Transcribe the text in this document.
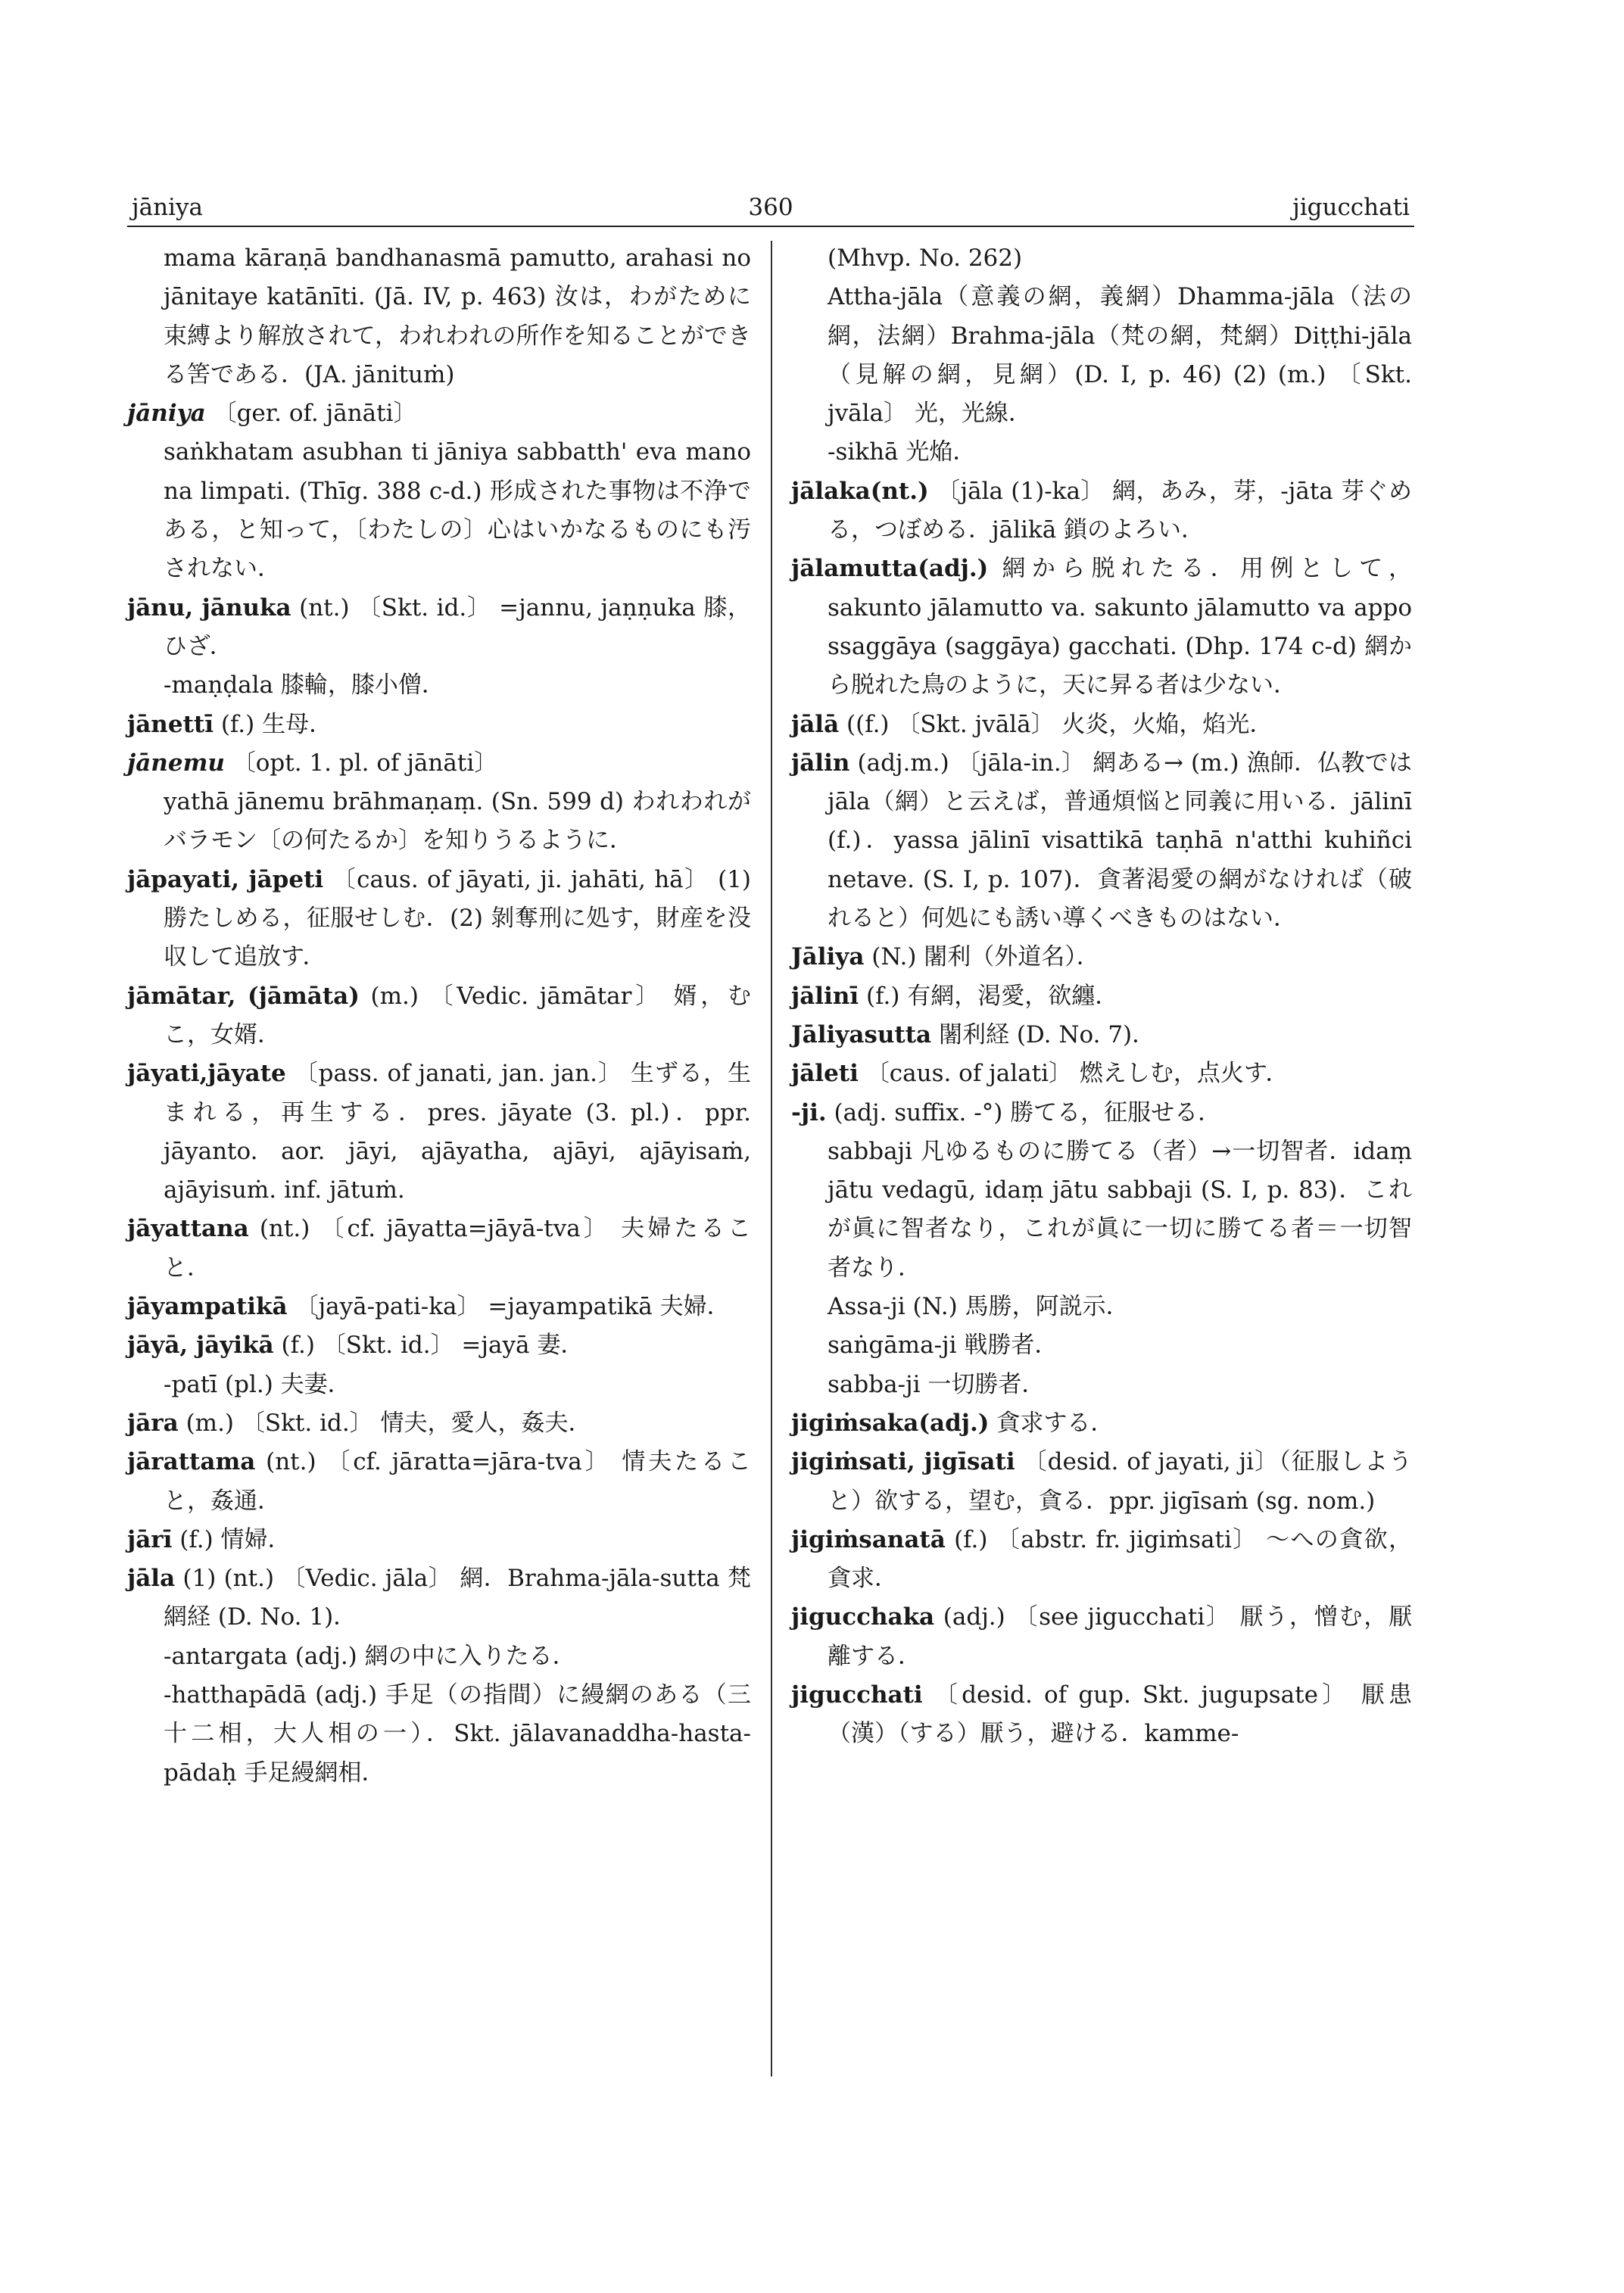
jāniya	360	jigucchati
mama kāraṇā bandhanasmā pamutto, arahasi no jānitaye katānīti. (Jā. IV, p. 463) 汝は，わがために束縛より解放されて，われわれの所作を知ることができる筈である．(JA. jānituṁ)
jāniya 〔ger. of. jānāti〕
saṅkhatam asubhan ti jāniya sabbatth' eva mano na limpati. (Thīg. 388 c-d.) 形成された事物は不浄である，と知って，〔わたしの〕心はいかなるものにも汚されない．
jānu, jānuka (nt.) 〔Skt. id.〕 =jannu, jaṇṇuka 膝，ひざ．
-maṇḍala 膝輪，膝小僧．
jānettī (f.) 生母．
jānemu 〔opt. 1. pl. of jānāti〕
yathā jānemu brāhmaṇaṃ. (Sn. 599 d) われわれがバラモン〔の何たるか〕を知りうるように．
jāpayati, jāpeti 〔caus. of jāyati, ji. jahāti, hā〕 (1) 勝たしめる，征服せしむ．(2) 剝奪刑に処す，財産を没収して追放す．
jāmātar, (jāmāta) (m.) 〔Vedic. jāmātar〕 婿，むこ，女婿．
jāyati,jāyate 〔pass. of janati, jan. jan.〕 生ずる，生まれる，再生する．pres. jāyate (3. pl.)．ppr. jāyanto. aor. jāyi, ajāyatha, ajāyi, ajāyisaṁ, ajāyisuṁ. inf. jātuṁ.
jāyattana (nt.) 〔cf. jāyatta=jāyā-tva〕 夫婦たること．
jāyampatikā 〔jayā-pati-ka〕 =jayampatikā 夫婦．
jāyā, jāyikā (f.) 〔Skt. id.〕 =jayā 妻．
-patī (pl.) 夫妻．
jāra (m.) 〔Skt. id.〕 情夫，愛人，姦夫．
jārattama (nt.) 〔cf. jāratta=jāra-tva〕 情夫たること，姦通．
jārī (f.) 情婦．
jāla (1) (nt.) 〔Vedic. jāla〕 網．Brahma-jāla-sutta 梵網経 (D. No. 1)．
-antargata (adj.) 網の中に入りたる．
-hatthapādā (adj.) 手足（の指間）に縵網のある（三十二相，大人相の一）．Skt. jālavanaddha-hasta-pādaḥ 手足縵網相．
(Mhvp. No. 262)
Attha-jāla（意義の網，義網）Dhamma-jāla（法の網，法網）Brahma-jāla（梵の網，梵網）Diṭṭhi-jāla（見解の網，見網）(D. I, p. 46) (2) (m.) 〔Skt. jvāla〕 光，光線．
-sikhā 光焔．
jālaka(nt.) 〔jāla (1)-ka〕 網，あみ，芽，-jāta 芽ぐめる，つぼめる．jālikā 鎖のよろい．
jālamutta(adj.) 網から脱れたる．用例として，sakunto jālamutto va. sakunto jālamutto va appo ssaggāya (saggāya) gacchati. (Dhp. 174 c-d) 網から脱れた鳥のように，天に昇る者は少ない．
jālā ((f.) 〔Skt. jvālā〕 火炎，火焔，焰光．
jālin (adj.m.) 〔jāla-in.〕 網ある→ (m.) 漁師．仏教では jāla（網）と云えば，普通煩悩と同義に用いる．jālinī (f.)．yassa jālinī visattikā taṇhā n'atthi kuhiñci netave. (S. I, p. 107)．貪著渇愛の網がなければ（破れると）何処にも誘い導くべきものはない．
Jāliya (N.) 闍利（外道名）．
jālinī (f.) 有網，渇愛，欲纏．
Jāliyasutta 闍利経 (D. No. 7)．
jāleti 〔caus. of jalati〕 燃えしむ，点火す．
-ji. (adj. suffix. -°) 勝てる，征服せる．
sabbaji 凡ゆるものに勝てる（者）→一切智者．idaṃ jātu vedagū, idaṃ jātu sabbaji (S. I, p. 83)．これが眞に智者なり，これが眞に一切に勝てる者＝一切智者なり．
Assa-ji (N.) 馬勝，阿説示．
saṅgāma-ji 戦勝者．
sabba-ji 一切勝者．
jigiṁsaka(adj.) 貪求する．
jigiṁsati, jigīsati 〔desid. of jayati, ji〕（征服しようと）欲する，望む，貪る．ppr. jigīsaṁ (sg. nom.)
jigiṁsanatā (f.) 〔abstr. fr. jigiṁsati〕 ～への貪欲，貪求．
jigucchaka (adj.) 〔see jigucchati〕 厭う，憎む，厭離する．
jigucchati 〔desid. of gup. Skt. jugupsate〕 厭患（漢）（する）厭う，避ける．kamme-
